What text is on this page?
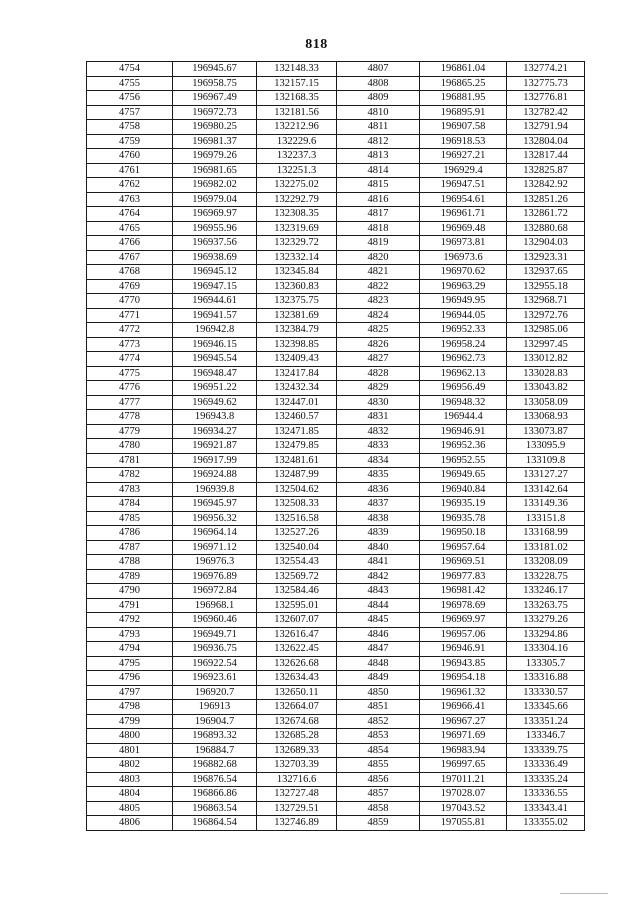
818
4754	196945.67	132148.33	4807	196861.04	132774.21
4755	196958.75	132157.15	4808	196865.25	132775.73
4756	196967.49	132168.35	4809	196881.95	132776.81
4757	196972.73	132181.56	4810	196895.91	132782.42
4758	196980.25	132212.96	4811	196907.58	132791.94
4759	196981.37	132229.6	4812	196918.53	132804.04
4760	196979.26	132237.3	4813	196927.21	132817.44
4761	196981.65	132251.3	4814	196929.4	132825.87
4762	196982.02	132275.02	4815	196947.51	132842.92
4763	196979.04	132292.79	4816	196954.61	132851.26
4764	196969.97	132308.35	4817	196961.71	132861.72
4765	196955.96	132319.69	4818	196969.48	132880.68
4766	196937.56	132329.72	4819	196973.81	132904.03
4767	196938.69	132332.14	4820	196973.6	132923.31
4768	196945.12	132345.84	4821	196970.62	132937.65
4769	196947.15	132360.83	4822	196963.29	132955.18
4770	196944.61	132375.75	4823	196949.95	132968.71
4771	196941.57	132381.69	4824	196944.05	132972.76
4772	196942.8	132384.79	4825	196952.33	132985.06
4773	196946.15	132398.85	4826	196958.24	132997.45
4774	196945.54	132409.43	4827	196962.73	133012.82
4775	196948.47	132417.84	4828	196962.13	133028.83
4776	196951.22	132432.34	4829	196956.49	133043.82
4777	196949.62	132447.01	4830	196948.32	133058.09
4778	196943.8	132460.57	4831	196944.4	133068.93
4779	196934.27	132471.85	4832	196946.91	133073.87
4780	196921.87	132479.85	4833	196952.36	133095.9
4781	196917.99	132481.61	4834	196952.55	133109.8
4782	196924.88	132487.99	4835	196949.65	133127.27
4783	196939.8	132504.62	4836	196940.84	133142.64
4784	196945.97	132508.33	4837	196935.19	133149.36
4785	196956.32	132516.58	4838	196935.78	133151.8
4786	196964.14	132527.26	4839	196950.18	133168.99
4787	196971.12	132540.04	4840	196957.64	133181.02
4788	196976.3	132554.43	4841	196969.51	133208.09
4789	196976.89	132569.72	4842	196977.83	133228.75
4790	196972.84	132584.46	4843	196981.42	133246.17
4791	196968.1	132595.01	4844	196978.69	133263.75
4792	196960.46	132607.07	4845	196969.97	133279.26
4793	196949.71	132616.47	4846	196957.06	133294.86
4794	196936.75	132622.45	4847	196946.91	133304.16
4795	196922.54	132626.68	4848	196943.85	133305.7
4796	196923.61	132634.43	4849	196954.18	133316.88
4797	196920.7	132650.11	4850	196961.32	133330.57
4798	196913	132664.07	4851	196966.41	133345.66
4799	196904.7	132674.68	4852	196967.27	133351.24
4800	196893.32	132685.28	4853	196971.69	133346.7
4801	196884.7	132689.33	4854	196983.94	133339.75
4802	196882.68	132703.39	4855	196997.65	133336.49
4803	196876.54	132716.6	4856	197011.21	133335.24
4804	196866.86	132727.48	4857	197028.07	133336.55
4805	196863.54	132729.51	4858	197043.52	133343.41
4806	196864.54	132746.89	4859	197055.81	133355.02
